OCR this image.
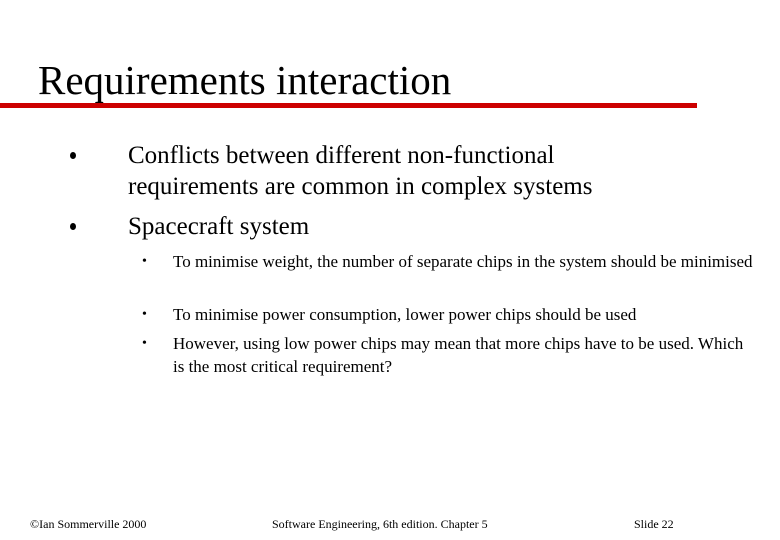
Requirements interaction
Conflicts between different non-functional requirements are common in complex systems
Spacecraft system
• To minimise weight, the number of separate chips in the system should be minimised
• To minimise power consumption, lower power chips should be used
• However, using low power chips may mean that more chips have to be used. Which is the most critical requirement?
©Ian Sommerville 2000	Software Engineering, 6th edition. Chapter 5	Slide 22
